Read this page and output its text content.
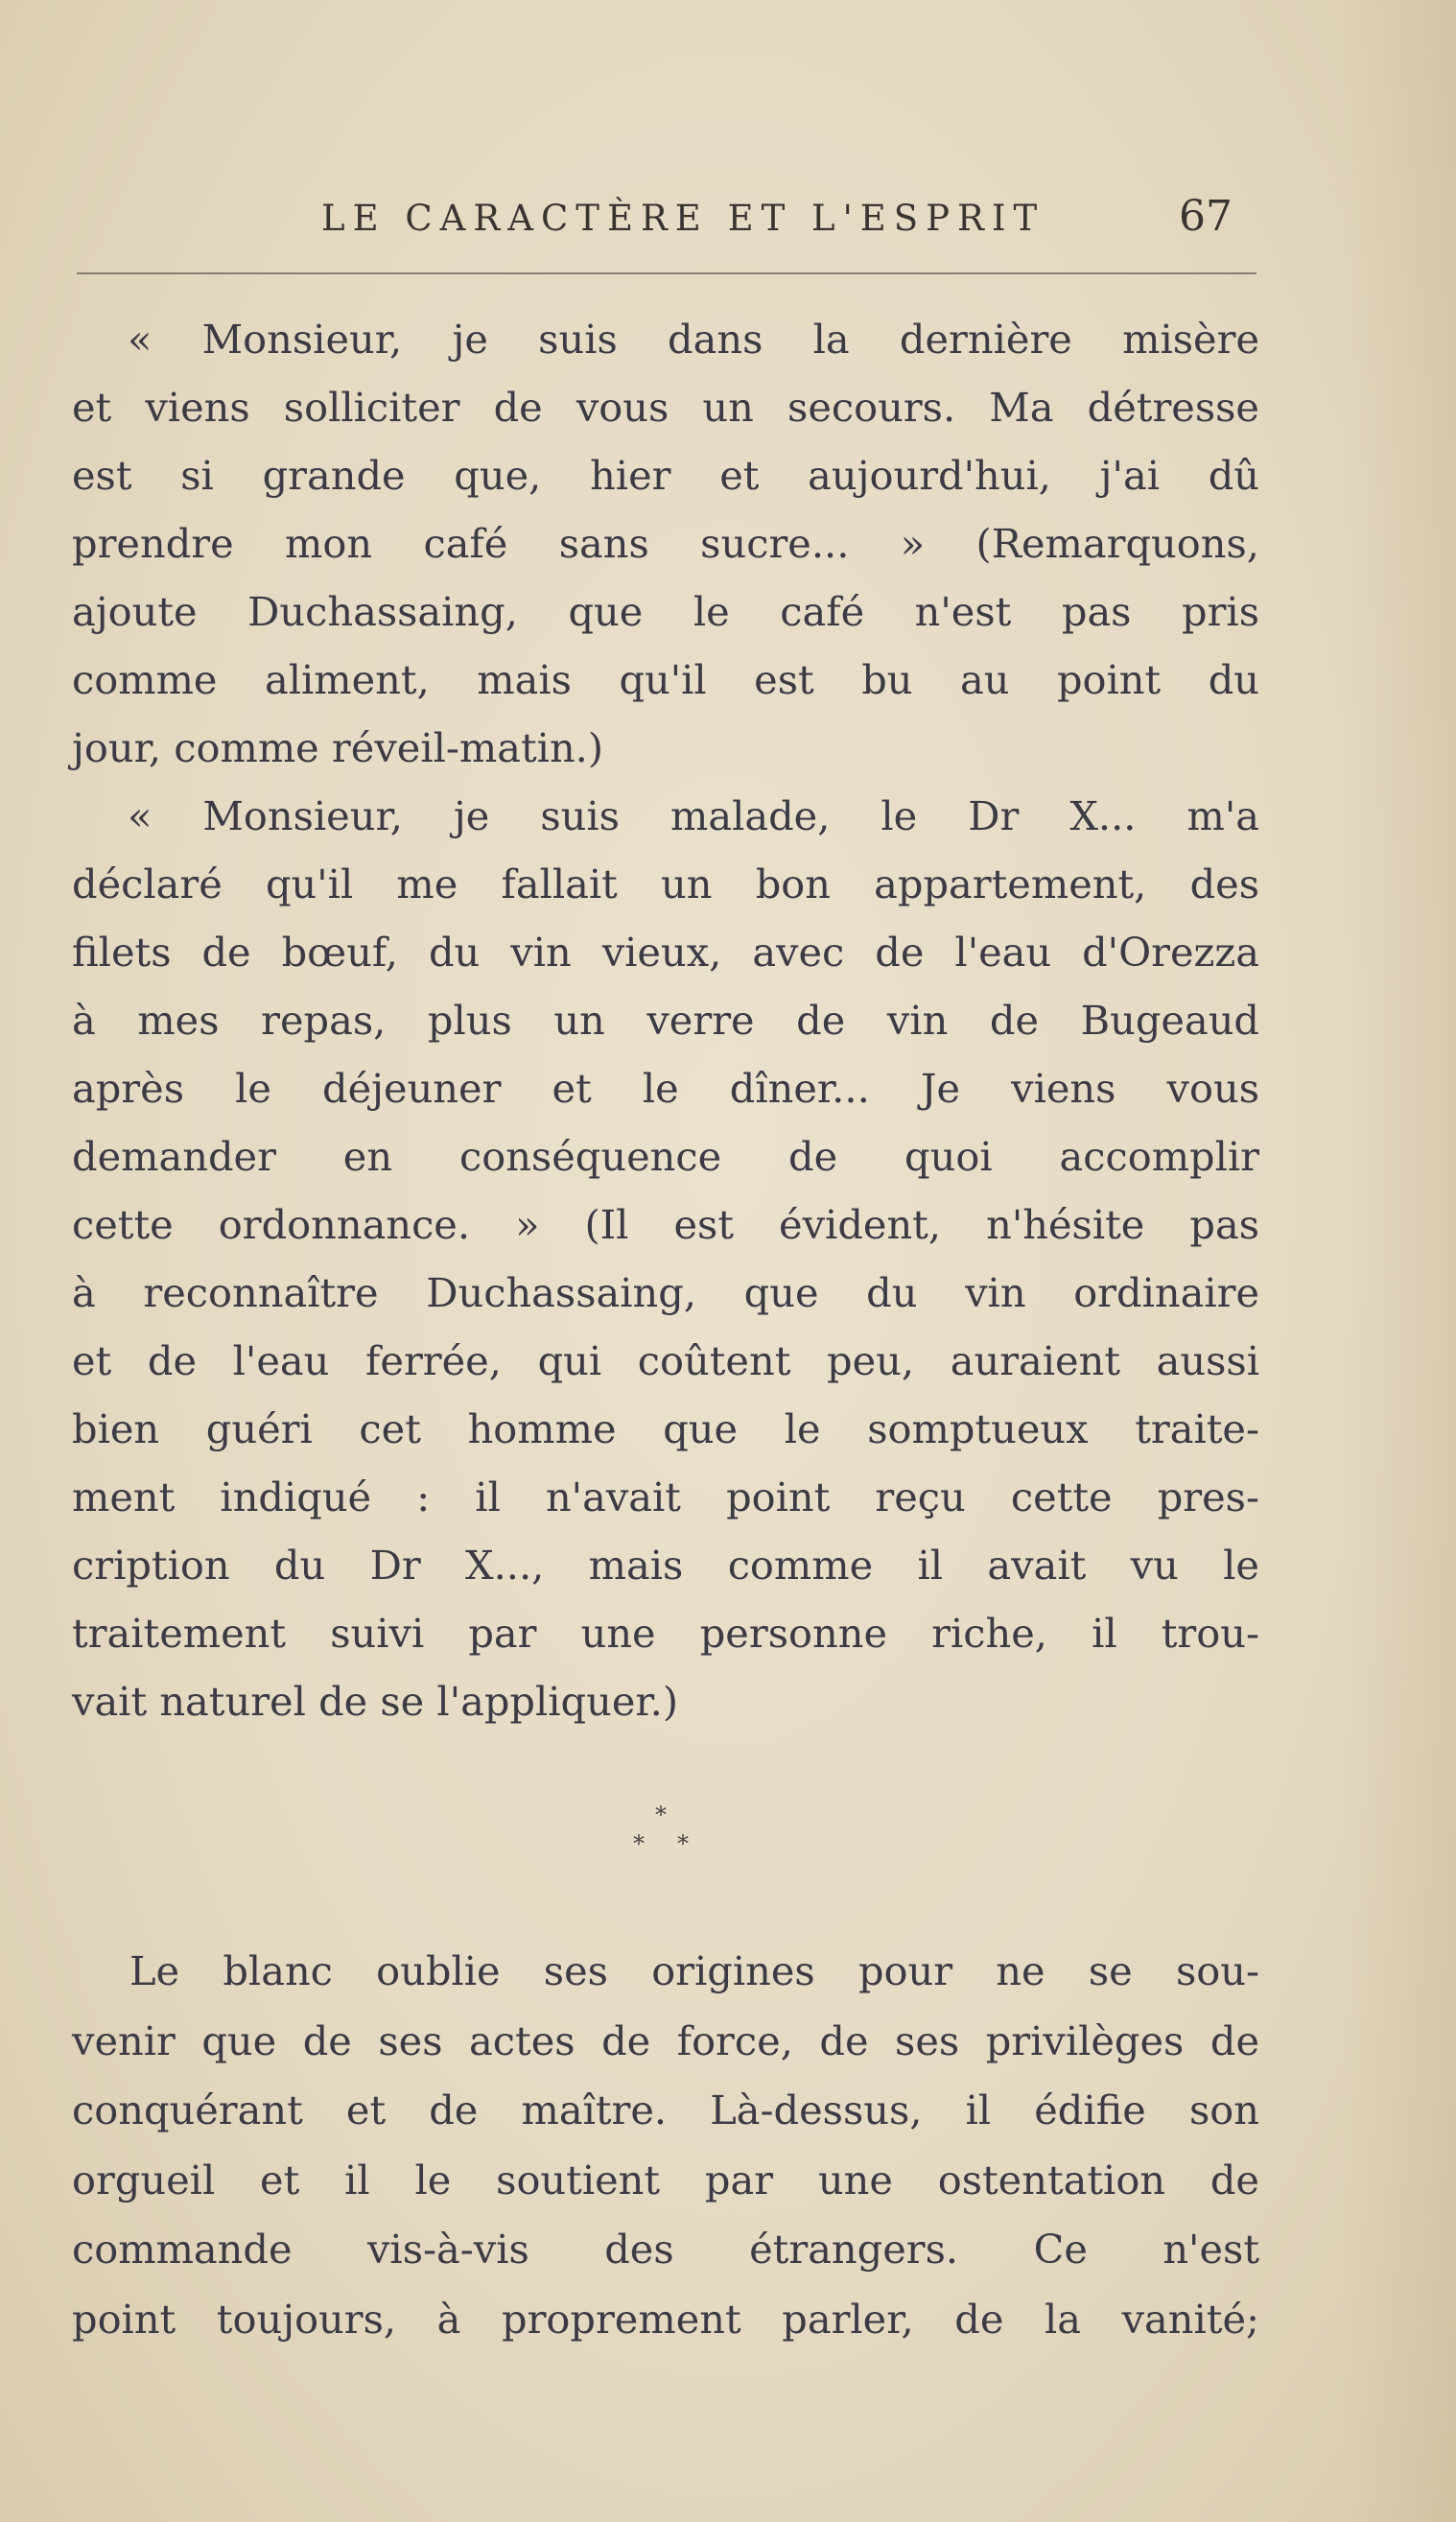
LE CARACTÈRE ET L'ESPRIT	67
« Monsieur, je suis dans la dernière misère
et viens solliciter de vous un secours. Ma détresse
est si grande que, hier et aujourd'hui, j'ai dû
prendre mon café sans sucre... » (Remarquons,
ajoute Duchassaing, que le café n'est pas pris
comme aliment, mais qu'il est bu au point du
jour, comme réveil-matin.)
« Monsieur, je suis malade, le Dr X... m'a
déclaré qu'il me fallait un bon appartement, des
filets de bœuf, du vin vieux, avec de l'eau d'Orezza
à mes repas, plus un verre de vin de Bugeaud
après le déjeuner et le dîner... Je viens vous
demander en conséquence de quoi accomplir
cette ordonnance. » (Il est évident, n'hésite pas
à reconnaître Duchassaing, que du vin ordinaire
et de l'eau ferrée, qui coûtent peu, auraient aussi
bien guéri cet homme que le somptueux traite-
ment indiqué : il n'avait point reçu cette pres-
cription du Dr X..., mais comme il avait vu le
traitement suivi par une personne riche, il trou-
vait naturel de se l'appliquer.)
*
* *
Le blanc oublie ses origines pour ne se sou-
venir que de ses actes de force, de ses privilèges de
conquérant et de maître. Là-dessus, il édifie son
orgueil et il le soutient par une ostentation de
commande vis-à-vis des étrangers. Ce n'est
point toujours, à proprement parler, de la vanité;
